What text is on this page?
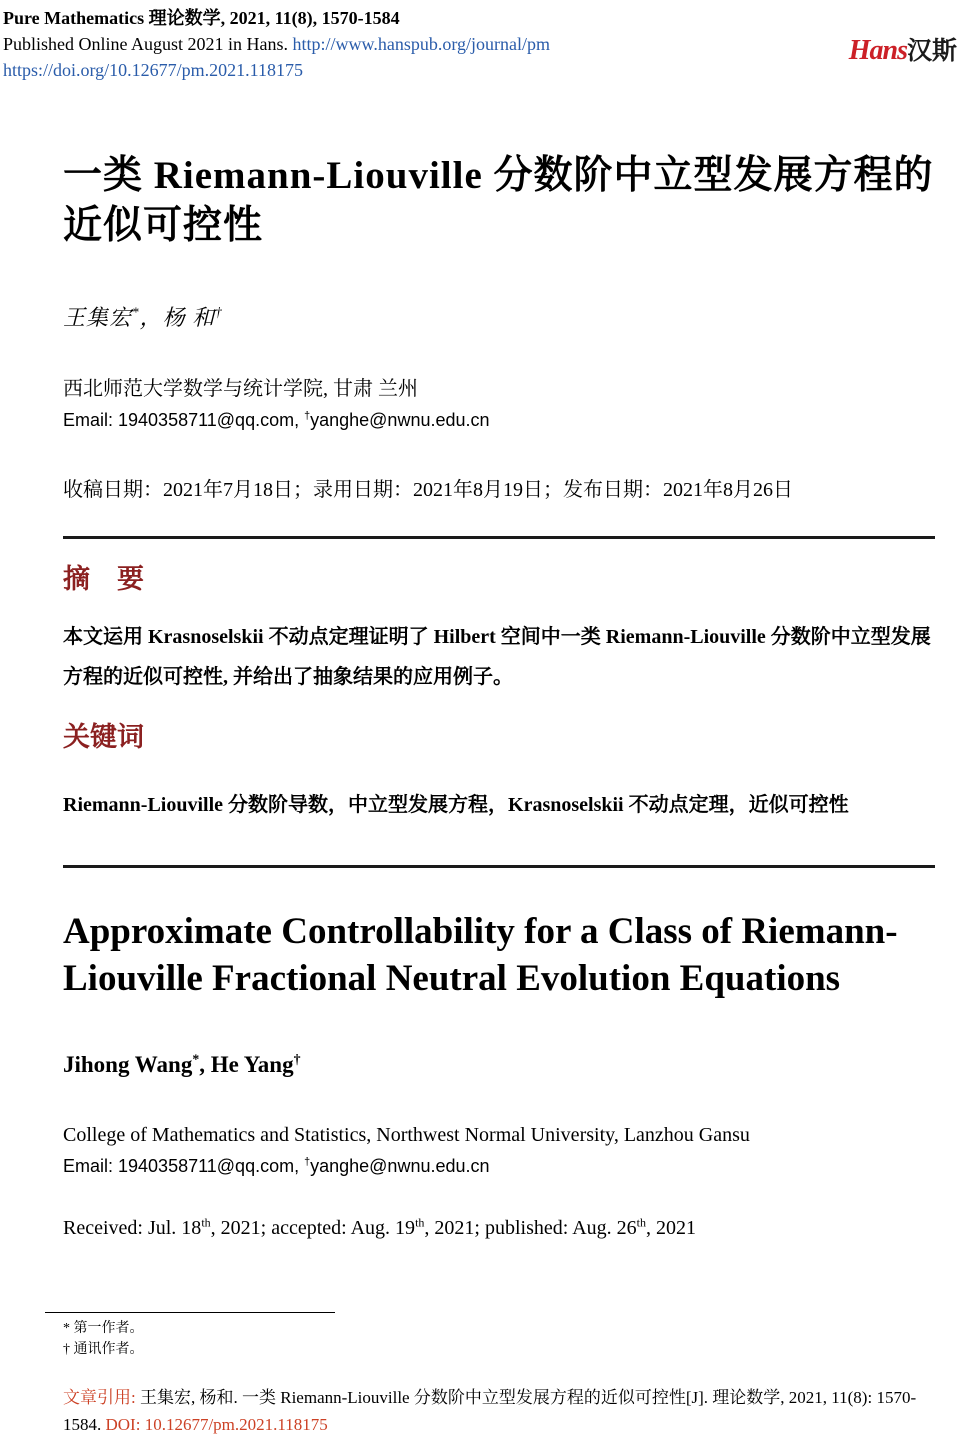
Pure Mathematics 理论数学, 2021, 11(8), 1570-1584
Published Online August 2021 in Hans. http://www.hanspub.org/journal/pm
https://doi.org/10.12677/pm.2021.118175
Hans汉斯
一类 Riemann-Liouville 分数阶中立型发展方程的近似可控性
王集宏*，杨 和†
西北师范大学数学与统计学院, 甘肃 兰州
Email: 1940358711@qq.com, †yanghe@nwnu.edu.cn
收稿日期：2021年7月18日；录用日期：2021年8月19日；发布日期：2021年8月26日
摘　要

本文运用 Krasnoselskii 不动点定理证明了 Hilbert 空间中一类 Riemann-Liouville 分数阶中立型发展方程的近似可控性, 并给出了抽象结果的应用例子。

关键词

Riemann-Liouville 分数阶导数，中立型发展方程，Krasnoselskii 不动点定理，近似可控性

Approximate Controllability for a Class of Riemann-Liouville Fractional Neutral Evolution Equations
Jihong Wang*, He Yang†
College of Mathematics and Statistics, Northwest Normal University, Lanzhou Gansu
Email: 1940358711@qq.com, †yanghe@nwnu.edu.cn
Received: Jul. 18th, 2021; accepted: Aug. 19th, 2021; published: Aug. 26th, 2021
* 第一作者。
† 通讯作者。
文章引用: 王集宏, 杨和. 一类 Riemann-Liouville 分数阶中立型发展方程的近似可控性[J]. 理论数学, 2021, 11(8): 1570-1584. DOI: 10.12677/pm.2021.118175
